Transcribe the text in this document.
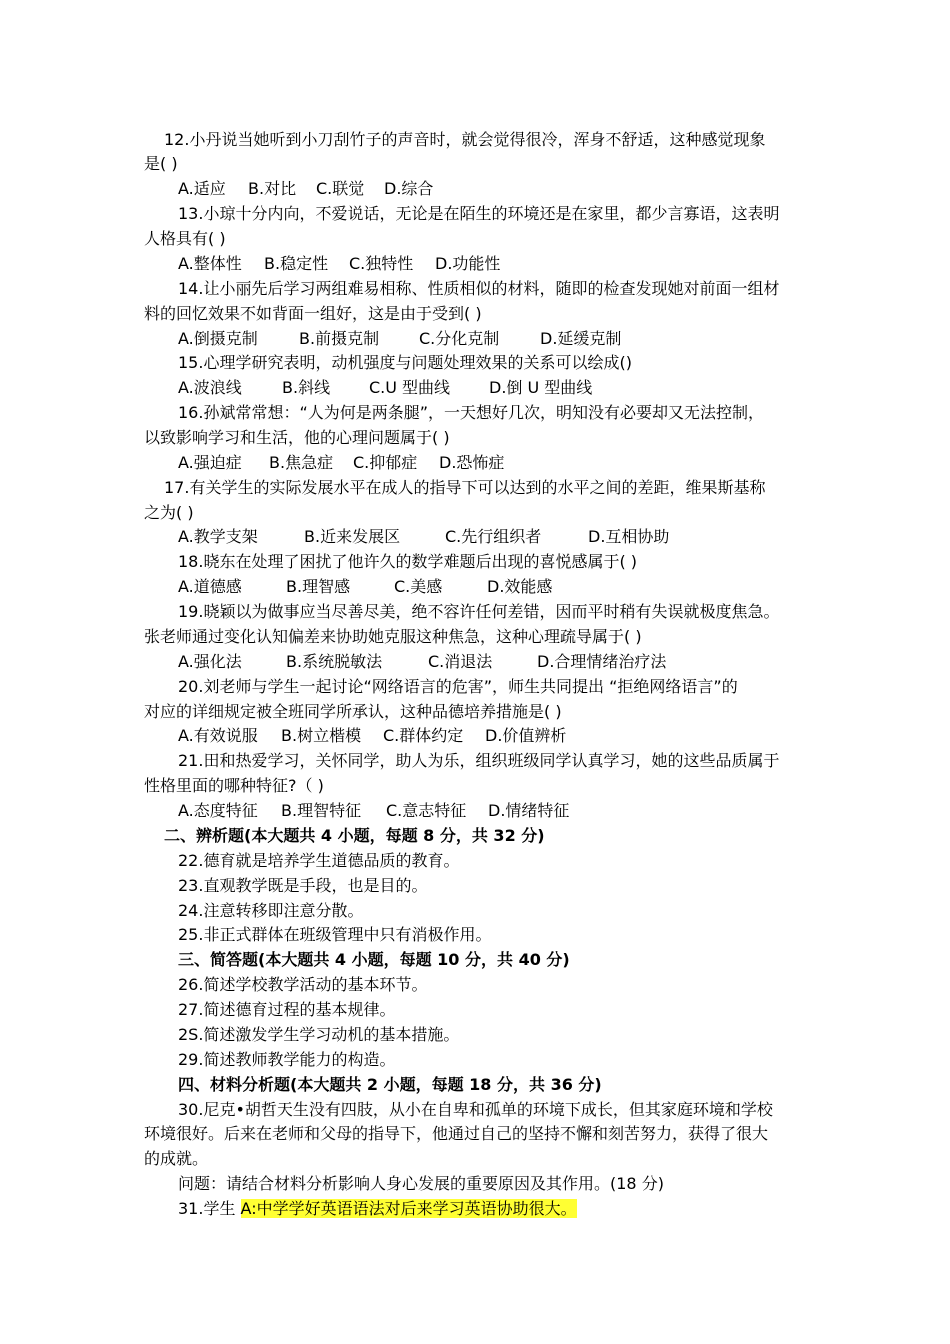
12.小丹说当她听到小刀刮竹子的声音时，就会觉得很冷，浑身不舒适，这种感觉现象
是( )
A.适应 B.对比 C.联觉 D.综合
13.小琼十分内向，不爱说话，无论是在陌生的环境还是在家里，都少言寡语，这表明
人格具有( )
A.整体性 B.稳定性 C.独特性 D.功能性
14.让小丽先后学习两组难易相称、性质相似的材料，随即的检查发现她对前面一组材
料的回忆效果不如背面一组好，这是由于受到( )
A.倒摄克制	B.前摄克制 C.分化克制	D.延缓克制
15.心理学研究表明，动机强度与问题处理效果的关系可以绘成()
A.波浪线	B.斜线 C.U 型曲线 D.倒 U 型曲线
16.孙斌常常想：“人为何是两条腿”，一天想好几次，明知没有必要却又无法控制，
以致影响学习和生活，他的心理问题属于( )
A.强迫症 B.焦急症 C.抑郁症 D.恐怖症
17.有关学生的实际发展水平在成人的指导下可以达到的水平之间的差距，维果斯基称
之为( )
A.教学支架	B.近来发展区	C.先行组织者	D.互相协助
18.晓东在处理了困扰了他许久的数学难题后出现的喜悦感属于( )
A.道德感	B.理智感	C.美感	D.效能感
19.晓颖以为做事应当尽善尽美，绝不容许任何差错，因而平时稍有失误就极度焦急。
张老师通过变化认知偏差来协助她克服这种焦急，这种心理疏导属于( )
A.强化法	B.系统脱敏法	C.消退法	D.合理情绪治疗法
20.刘老师与学生一起讨论“网络语言的危害”，师生共同提出 “拒绝网络语言”的
对应的详细规定被全班同学所承认，这种品德培养措施是( )
A.有效说服 B.树立楷模 C.群体约定 D.价值辨析
21.田和热爱学习，关怀同学，助人为乐，组织班级同学认真学习，她的这些品质属于
性格里面的哪种特征?（ )
A.态度特征 B.理智特征 C.意志特征 D.情绪特征
二、辨析题(本大题共 4 小题，每题 8 分，共 32 分)
22.德育就是培养学生道德品质的教育。
23.直观教学既是手段，也是目的。
24.注意转移即注意分散。
25.非正式群体在班级管理中只有消极作用。
三、简答题(本大题共 4 小题，每题 10 分，共 40 分)
26.简述学校教学活动的基本环节。
27.简述德育过程的基本规律。
2S.简述激发学生学习动机的基本措施。
29.简述教师教学能力的构造。
四、材料分析题(本大题共 2 小题，每题 18 分，共 36 分)
30.尼克•胡哲天生没有四肢，从小在自卑和孤单的环境下成长，但其家庭环境和学校
环境很好。后来在老师和父母的指导下，他通过自己的坚持不懈和刻苦努力，获得了很大
的成就。
问题：请结合材料分析影响人身心发展的重要原因及其作用。(18 分)
31.学生 A:中学学好英语语法对后来学习英语协助很大。
